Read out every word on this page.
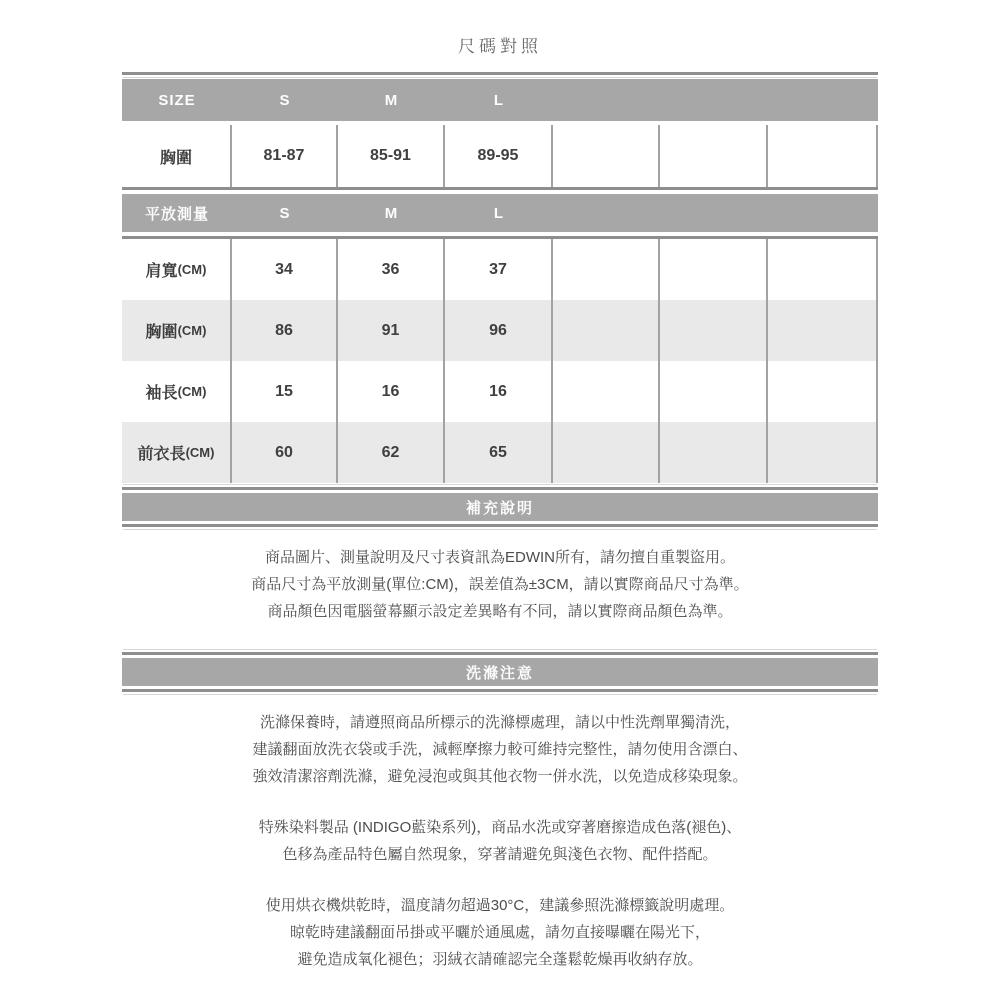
尺碼對照
SIZE	S	M	L
胸圍	81-87	85-91	89-95
平放測量	S	M	L
肩寬 (CM)	34	36	37
胸圍 (CM)	86	91	96
袖長 (CM)	15	16	16
前衣長 (CM)	60	62	65
補充說明
商品圖片、測量說明及尺寸表資訊為EDWIN所有，請勿擅自重製盜用。
商品尺寸為平放測量(單位:CM)，誤差值為±3CM，請以實際商品尺寸為準。
商品顏色因電腦螢幕顯示設定差異略有不同，請以實際商品顏色為準。
洗滌注意
洗滌保養時，請遵照商品所標示的洗滌標處理，請以中性洗劑單獨清洗，
建議翻面放洗衣袋或手洗，減輕摩擦力較可維持完整性，請勿使用含漂白、
強效清潔溶劑洗滌，避免浸泡或與其他衣物一併水洗，以免造成移染現象。
特殊染料製品 (INDIGO藍染系列)，商品水洗或穿著磨擦造成色落(褪色)、
色移為產品特色屬自然現象，穿著請避免與淺色衣物、配件搭配。
使用烘衣機烘乾時，溫度請勿超過30°C，建議參照洗滌標籤說明處理。
晾乾時建議翻面吊掛或平曬於通風處，請勿直接曝曬在陽光下，
避免造成氧化褪色；羽絨衣請確認完全蓬鬆乾燥再收納存放。
